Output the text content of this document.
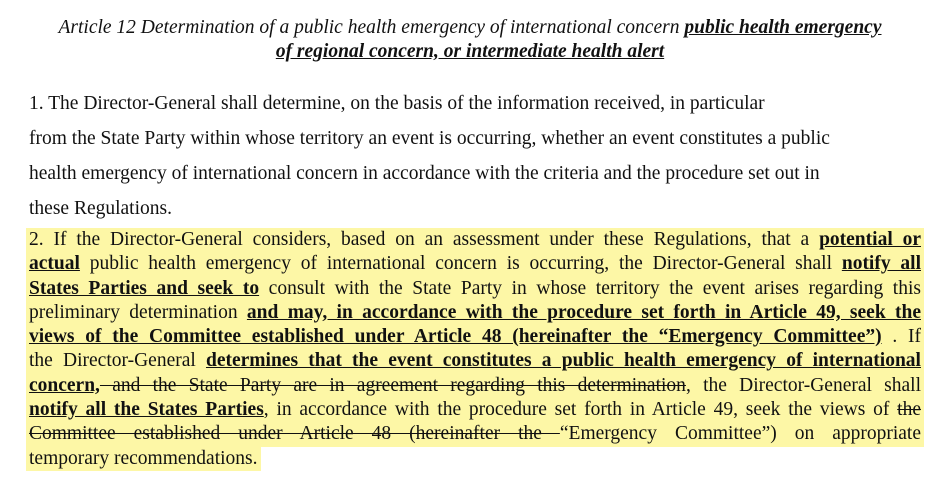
Article 12 Determination of a public health emergency of international concern public health emergency
of regional concern, or intermediate health alert
1. The Director-General shall determine, on the basis of the information received, in particular
from the State Party within whose territory an event is occurring, whether an event constitutes a public
health emergency of international concern in accordance with the criteria and the procedure set out in
these Regulations.
2. If the Director-General considers, based on an assessment under these Regulations, that a potential or
actual public health emergency of international concern is occurring, the Director-General shall notify all
States Parties and seek to consult with the State Party in whose territory the event arises regarding this
preliminary determination and may, in accordance with the procedure set forth in Article 49, seek the
views of the Committee established under Article 48 (hereinafter the “Emergency Committee”) . If
the Director-General determines that the event constitutes a public health emergency of international
concern, and the State Party are in agreement regarding this determination, the Director-General shall
notify all the States Parties, in accordance with the procedure set forth in Article 49, seek the views of the
Committee established under Article 48 (hereinafter the “Emergency Committee”) on appropriate
temporary recommendations.
